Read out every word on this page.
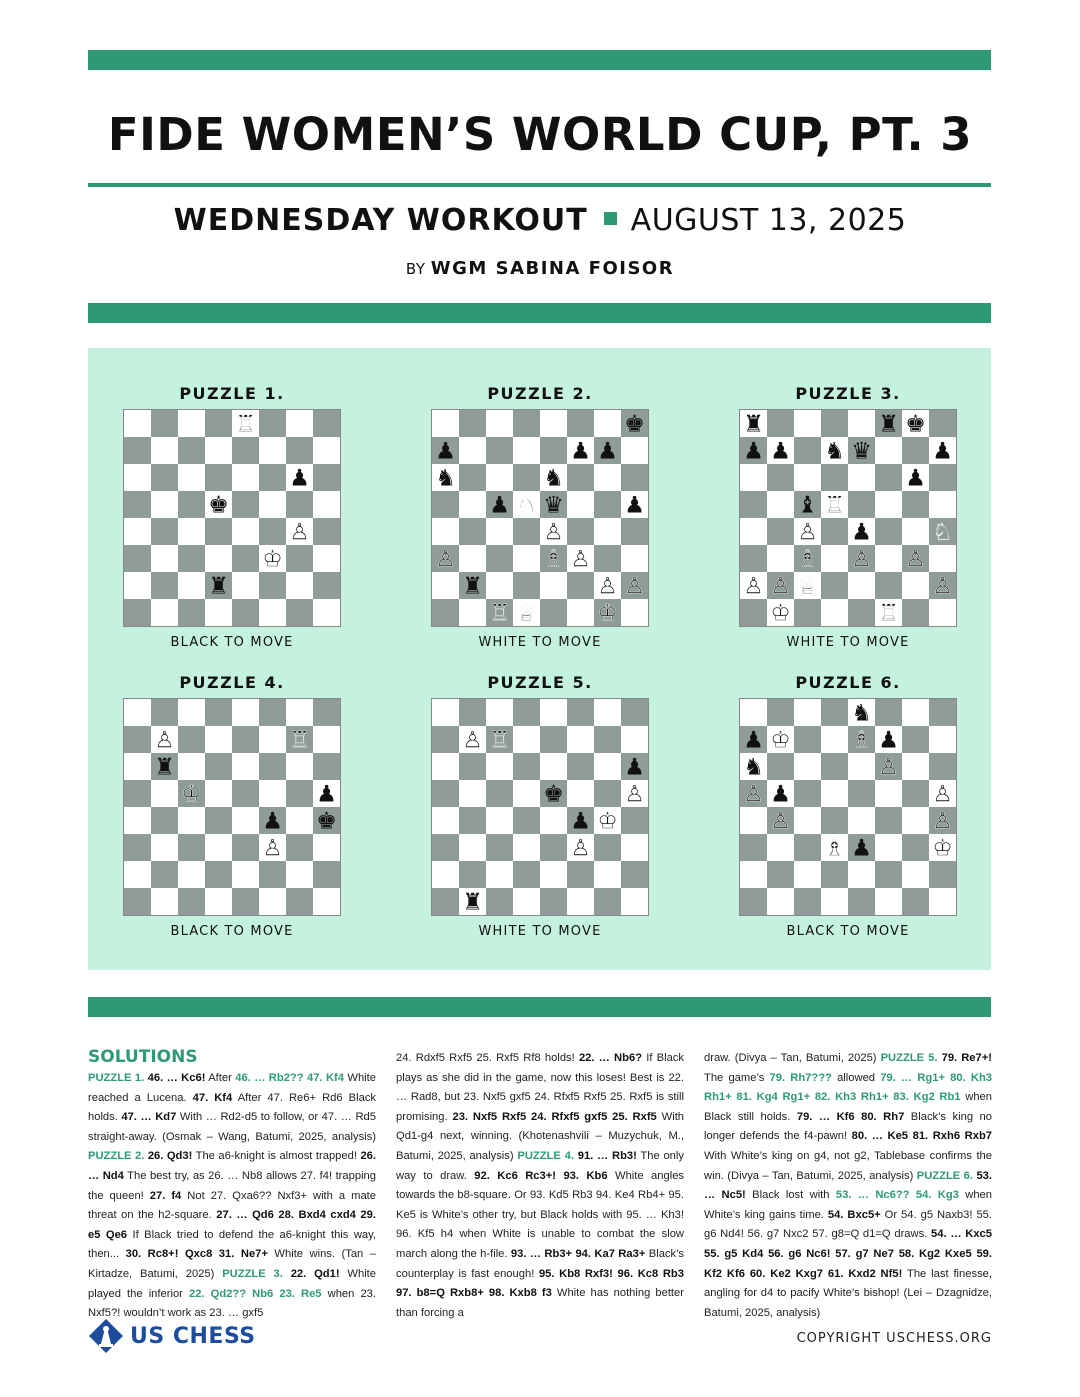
FIDE WOMEN’S WORLD CUP, PT. 3
WEDNESDAY WORKOUT AUGUST 13, 2025
BY WGM SABINA FOISOR
PUZZLE 1.
♖
♟
♚
♙
♔
♜
BLACK TO MOVE
PUZZLE 2.
♚
♟	♟ ♟
♞	♞
♟ ♘ ♛	♟
♙
♙	♗ ♙
♜	♙ ♙
♖ ♕	♔
WHITE TO MOVE
PUZZLE 3.
♜	♜ ♚
♟ ♟ ♞ ♛	♟
♟
♝ ♖
♙ ♟	♘
♗ ♙ ♙
♙ ♙ ♕	♙
♔	♖
WHITE TO MOVE
PUZZLE 4.
♙	♖
♜
♔	♟
♟ ♚
♙
BLACK TO MOVE
PUZZLE 5.
♙ ♖
♟
♚	♙
♟ ♔
♙
♜
WHITE TO MOVE
PUZZLE 6.
♞
♟ ♔	♗ ♟
♞	♙
♙ ♟	♙
♙	♙
♗ ♟	♔
BLACK TO MOVE
SOLUTIONS

PUZZLE 1. 46. … Kc6! After 46. … Rb2?? 47. Kf4 White reached a Lucena. 47. Kf4 After 47. Re6+ Rd6 Black holds. 47. … Kd7 With … Rd2-d5 to follow, or 47. … Rd5 straight-away. (Osmak – Wang, Batumi, 2025, analysis) PUZZLE 2. 26. Qd3! The a6-knight is almost trapped! 26. … Nd4 The best try, as 26. … Nb8 allows 27. f4! trapping the queen! 27. f4 Not 27. Qxa6?? Nxf3+ with a mate threat on the h2-square. 27. … Qd6 28. Bxd4 cxd4 29. e5 Qe6 If Black tried to defend the a6-knight this way, then... 30. Rc8+! Qxc8 31. Ne7+ White wins. (Tan – Kirtadze, Batumi, 2025) PUZZLE 3. 22. Qd1! White played the inferior 22. Qd2?? Nb6 23. Re5 when 23. Nxf5?! wouldn’t work as 23. … gxf5

24. Rdxf5 Rxf5 25. Rxf5 Rf8 holds! 22. … Nb6? If Black plays as she did in the game, now this loses! Best is 22. … Rad8, but 23. Nxf5 gxf5 24. Rfxf5 Rxf5 25. Rxf5 is still promising. 23. Nxf5 Rxf5 24. Rfxf5 gxf5 25. Rxf5 With Qd1-g4 next, winning. (Khotenashvili – Muzychuk, M., Batumi, 2025, analysis) PUZZLE 4. 91. … Rb3! The only way to draw. 92. Kc6 Rc3+! 93. Kb6 White angles towards the b8-square. Or 93. Kd5 Rb3 94. Ke4 Rb4+ 95. Ke5 is White’s other try, but Black holds with 95. … Kh3! 96. Kf5 h4 when White is unable to combat the slow march along the h-file. 93. … Rb3+ 94. Ka7 Ra3+ Black’s counterplay is fast enough! 95. Kb8 Rxf3! 96. Kc8 Rb3 97. b8=Q Rxb8+ 98. Kxb8 f3 White has nothing better than forcing a

draw. (Divya – Tan, Batumi, 2025) PUZZLE 5. 79. Re7+! The game’s 79. Rh7??? allowed 79. … Rg1+ 80. Kh3 Rh1+ 81. Kg4 Rg1+ 82. Kh3 Rh1+ 83. Kg2 Rb1 when Black still holds. 79. … Kf6 80. Rh7 Black’s king no longer defends the f4-pawn! 80. … Ke5 81. Rxh6 Rxb7 With White’s king on g4, not g2, Tablebase confirms the win. (Divya – Tan, Batumi, 2025, analysis) PUZZLE 6. 53. … Nc5! Black lost with 53. … Nc6?? 54. Kg3 when White’s king gains time. 54. Bxc5+ Or 54. g5 Naxb3! 55. g6 Nd4! 56. g7 Nxc2 57. g8=Q d1=Q draws. 54. … Kxc5 55. g5 Kd4 56. g6 Nc6! 57. g7 Ne7 58. Kg2 Kxe5 59. Kf2 Kf6 60. Ke2 Kxg7 61. Kxd2 Nf5! The last finesse, angling for d4 to pacify White’s bishop! (Lei – Dzagnidze, Batumi, 2025, analysis)

US CHESS	COPYRIGHT USCHESS.ORG
